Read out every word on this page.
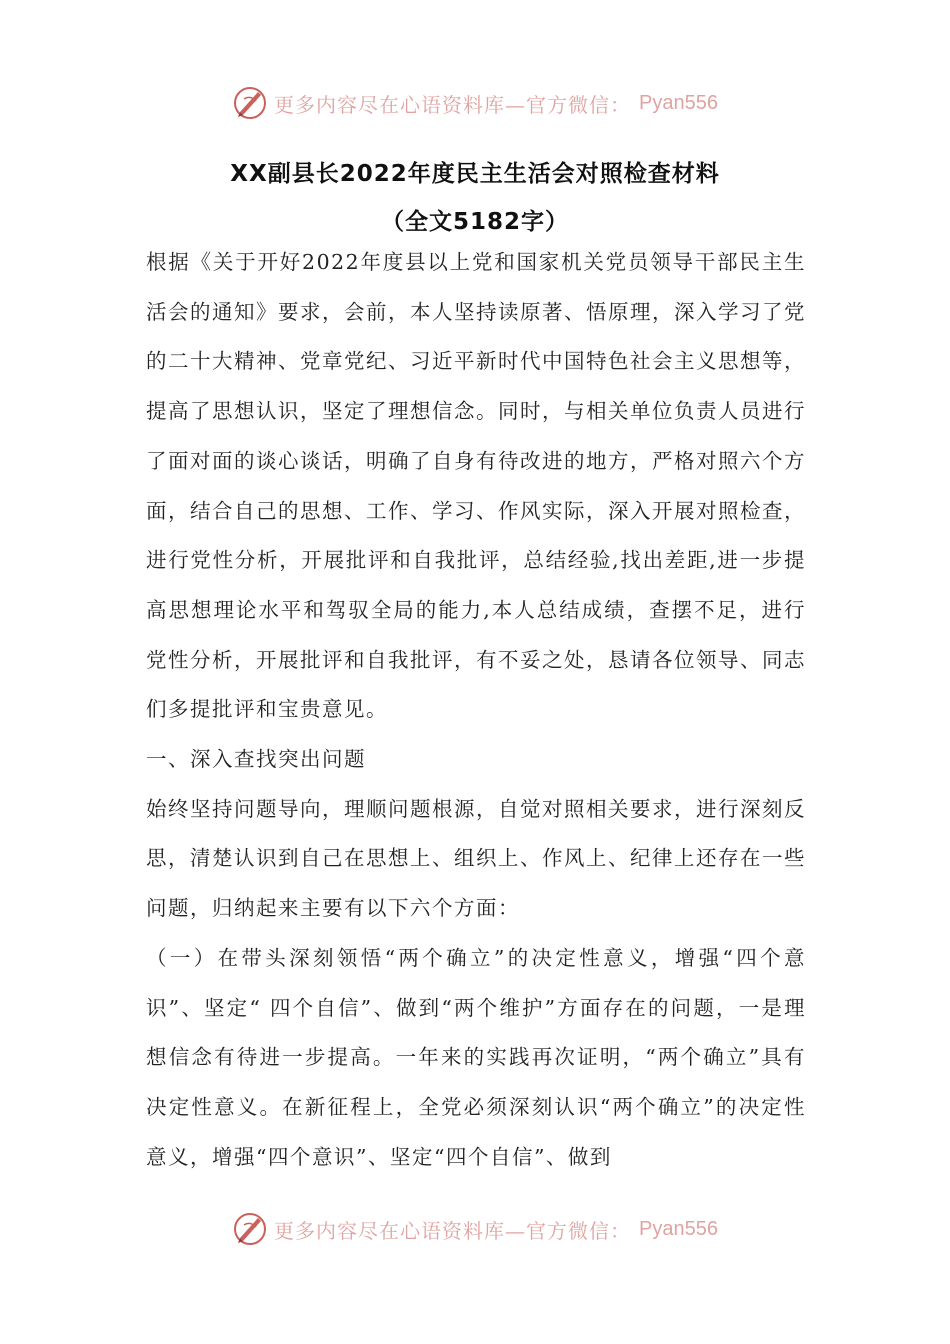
更多内容尽在心语资料库—官方微信： Pyan556
XX副县长2022年度民主生活会对照检查材料
（全文5182字）

根据《关于开好2022年度县以上党和国家机关党员领导干部民主生活会的通知》要求，会前，本人坚持读原著、悟原理，深入学习了党的二十大精神、党章党纪、习近平新时代中国特色社会主义思想等，提高了思想认识，坚定了理想信念。同时，与相关单位负责人员进行了面对面的谈心谈话，明确了自身有待改进的地方，严格对照六个方面，结合自己的思想、工作、学习、作风实际，深入开展对照检查，进行党性分析，开展批评和自我批评，总结经验,找出差距,进一步提高思想理论水平和驾驭全局的能力,本人总结成绩，查摆不足，进行党性分析，开展批评和自我批评，有不妥之处，恳请各位领导、同志们多提批评和宝贵意见。

一、深入查找突出问题

始终坚持问题导向，理顺问题根源，自觉对照相关要求，进行深刻反思，清楚认识到自己在思想上、组织上、作风上、纪律上还存在一些问题，归纳起来主要有以下六个方面：

（一）在带头深刻领悟“两个确立”的决定性意义，增强“四个意识”、坚定“ 四个自信”、做到“两个维护”方面存在的问题，一是理想信念有待进一步提高。一年来的实践再次证明，“两个确立”具有决定性意义。在新征程上，全党必须深刻认识“两个确立”的决定性意义，增强“四个意识”、坚定“四个自信”、做到

更多内容尽在心语资料库—官方微信： Pyan556
